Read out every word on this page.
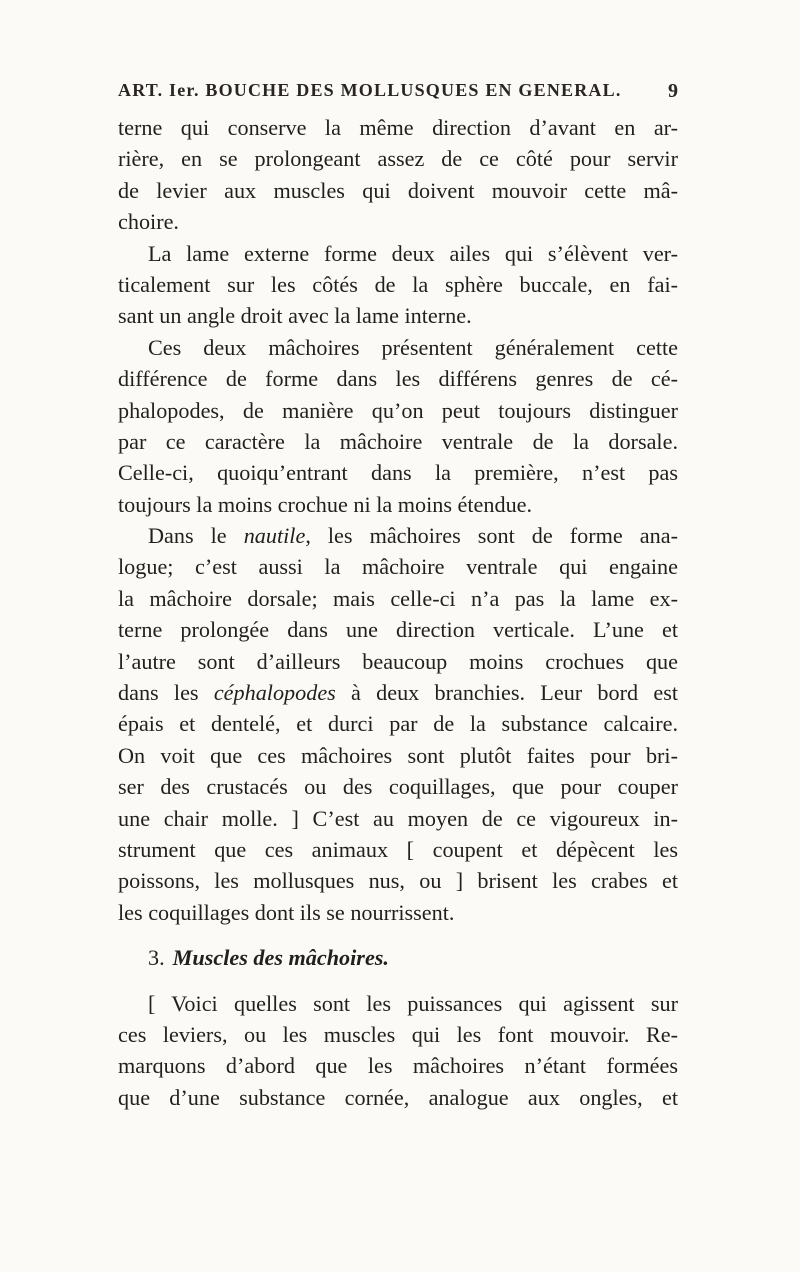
ART. Ier. BOUCHE DES MOLLUSQUES EN GENERAL. 9
terne qui conserve la même direction d’avant en ar-
rière, en se prolongeant assez de ce côté pour servir
de levier aux muscles qui doivent mouvoir cette mâ-
choire.
La lame externe forme deux ailes qui s’élèvent ver-
ticalement sur les côtés de la sphère buccale, en fai-
sant un angle droit avec la lame interne.
Ces deux mâchoires présentent généralement cette
différence de forme dans les différens genres de cé-
phalopodes, de manière qu’on peut toujours distinguer
par ce caractère la mâchoire ventrale de la dorsale.
Celle-ci, quoiqu’entrant dans la première, n’est pas
toujours la moins crochue ni la moins étendue.
Dans le nautile, les mâchoires sont de forme ana-
logue; c’est aussi la mâchoire ventrale qui engaine
la mâchoire dorsale; mais celle-ci n’a pas la lame ex-
terne prolongée dans une direction verticale. L’une et
l’autre sont d’ailleurs beaucoup moins crochues que
dans les céphalopodes à deux branchies. Leur bord est
épais et dentelé, et durci par de la substance calcaire.
On voit que ces mâchoires sont plutôt faites pour bri-
ser des crustacés ou des coquillages, que pour couper
une chair molle. ] C’est au moyen de ce vigoureux in-
strument que ces animaux [ coupent et dépècent les
poissons, les mollusques nus, ou ] brisent les crabes et
les coquillages dont ils se nourrissent.
3. Muscles des mâchoires.
[ Voici quelles sont les puissances qui agissent sur
ces leviers, ou les muscles qui les font mouvoir. Re-
marquons d’abord que les mâchoires n’étant formées
que d’une substance cornée, analogue aux ongles, et
